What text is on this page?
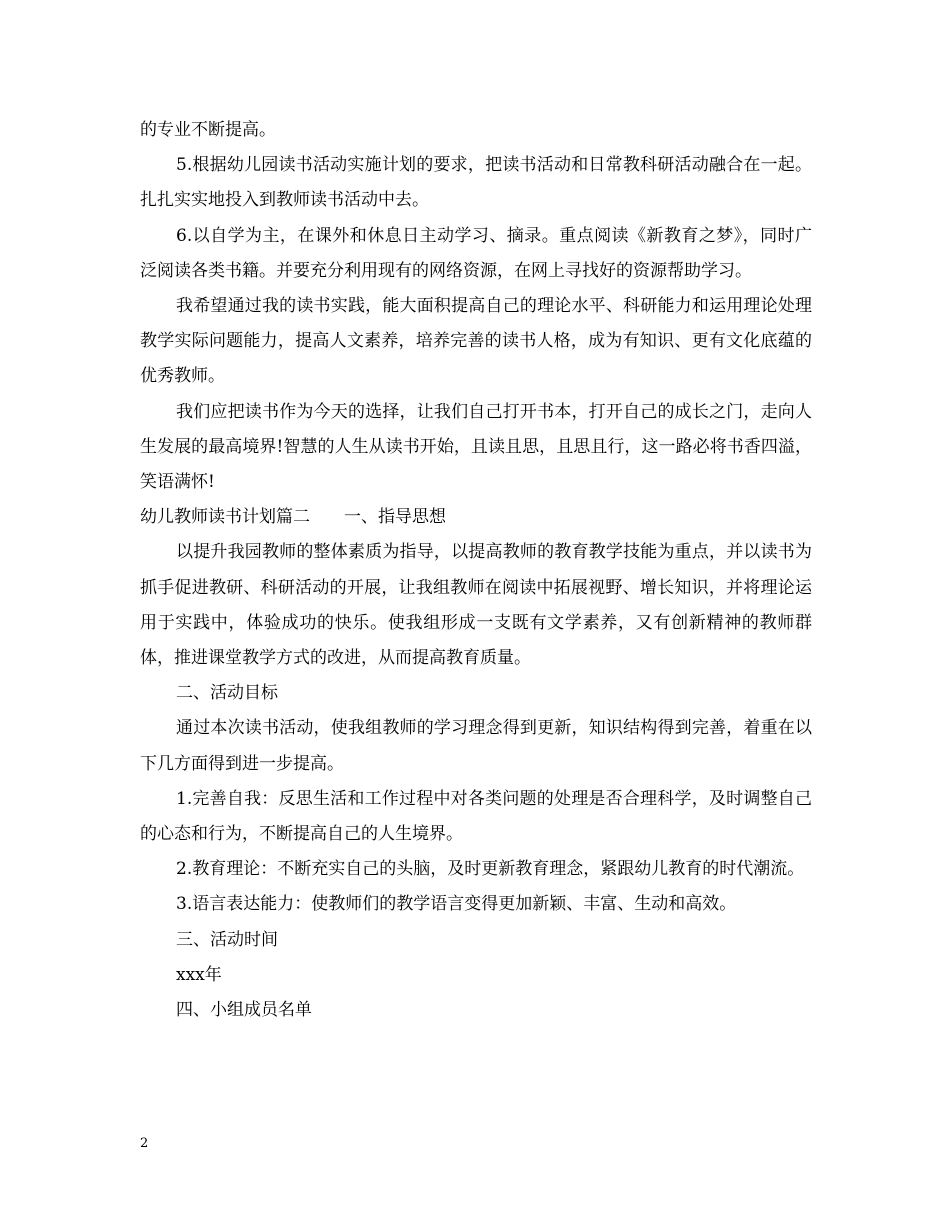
的专业不断提高。

5.根据幼儿园读书活动实施计划的要求，把读书活动和日常教科研活动融合在一起。扎扎实实地投入到教师读书活动中去。

6.以自学为主，在课外和休息日主动学习、摘录。重点阅读《新教育之梦》，同时广泛阅读各类书籍。并要充分利用现有的网络资源，在网上寻找好的资源帮助学习。

我希望通过我的读书实践，能大面积提高自己的理论水平、科研能力和运用理论处理教学实际问题能力，提高人文素养，培养完善的读书人格，成为有知识、更有文化底蕴的优秀教师。

我们应把读书作为今天的选择，让我们自己打开书本，打开自己的成长之门，走向人生发展的最高境界!智慧的人生从读书开始，且读且思，且思且行，这一路必将书香四溢，笑语满怀!

幼儿教师读书计划篇二　　一、指导思想

以提升我园教师的整体素质为指导，以提高教师的教育教学技能为重点，并以读书为抓手促进教研、科研活动的开展，让我组教师在阅读中拓展视野、增长知识，并将理论运用于实践中，体验成功的快乐。使我组形成一支既有文学素养，又有创新精神的教师群体，推进课堂教学方式的改进，从而提高教育质量。

二、活动目标

通过本次读书活动，使我组教师的学习理念得到更新，知识结构得到完善，着重在以下几方面得到进一步提高。

1.完善自我：反思生活和工作过程中对各类问题的处理是否合理科学，及时调整自己的心态和行为，不断提高自己的人生境界。

2.教育理论：不断充实自己的头脑，及时更新教育理念，紧跟幼儿教育的时代潮流。

3.语言表达能力：使教师们的教学语言变得更加新颖、丰富、生动和高效。

三、活动时间

xxx年

四、小组成员名单

2
